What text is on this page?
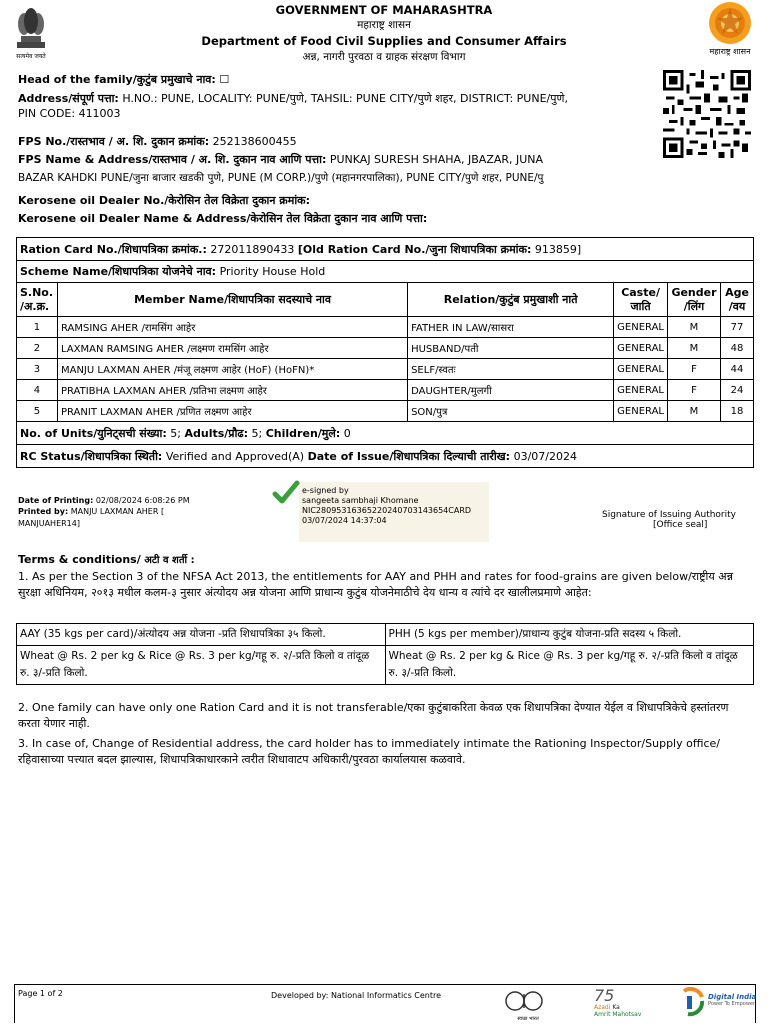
सत्यमेव जयते
GOVERNMENT OF MAHARASHTRA
महाराष्ट्र शासन
Department of Food Civil Supplies and Consumer Affairs
अन्न, नागरी पुरवठा व ग्राहक संरक्षण विभाग	महाराष्ट्र शासन
Head of the family/कुटुंब प्रमुखाचे नाव: ☐
Address/संपूर्ण पत्ता: H.NO.: PUNE, LOCALITY: PUNE/पुणे, TAHSIL: PUNE CITY/पुणे शहर, DISTRICT: PUNE/पुणे,
PIN CODE: 411003
FPS No./रास्तभाव / अ. शि. दुकान क्रमांक: 252138600455
FPS Name & Address/रास्तभाव / अ. शि. दुकान नाव आणि पत्ता: PUNKAJ SURESH SHAHA, JBAZAR, JUNA
BAZAR KAHDKI PUNE/जुना बाजार खडकी पुणे, PUNE (M CORP.)/पुणे (महानगरपालिका), PUNE CITY/पुणे शहर, PUNE/पु
Kerosene oil Dealer No./केरोसिन तेल विक्रेता दुकान क्रमांक:
Kerosene oil Dealer Name & Address/केरोसिन तेल विक्रेता दुकान नाव आणि पत्ता:
Ration Card No./शिधापत्रिका क्रमांक.: 272011890433 [Old Ration Card No./जुना शिधापत्रिका क्रमांक: 913859]					
Scheme Name/शिधापत्रिका योजनेचे नाव: Priority House Hold					
S.No. /अ.क्र.	Member Name/शिधापत्रिका सदस्याचे नाव	Relation/कुटुंब प्रमुखाशी नाते	Caste/ जाति	Gender /लिंग	Age /वय
1	RAMSING AHER /रामसिंग आहेर	FATHER IN LAW/सासरा	GENERAL	M	77
2	LAXMAN RAMSING AHER /लक्ष्मण रामसिंग आहेर	HUSBAND/पती	GENERAL	M	48
3	MANJU LAXMAN AHER /मंजू लक्ष्मण आहेर (HoF) (HoFN)*	SELF/स्वतः	GENERAL	F	44
4	PRATIBHA LAXMAN AHER /प्रतिभा लक्ष्मण आहेर	DAUGHTER/मुलगी	GENERAL	F	24
5	PRANIT LAXMAN AHER /प्रणित लक्ष्मण आहेर	SON/पुत्र	GENERAL	M	18
No. of Units/युनिट्सची संख्या: 5; Adults/प्रौढ: 5; Children/मुले: 0					
RC Status/शिधापत्रिका स्थिती: Verified and Approved(A) Date of Issue/शिधापत्रिका दिल्याची तारीख: 03/07/2024					
Date of Printing: 02/08/2024 6:08:26 PM
Printed by: MANJU LAXMAN AHER [
MANJUAHER14]
e-signed by
sangeeta sambhaji Khomane
NIC28095316365220240703143654CARD
03/07/2024 14:37:04
Signature of Issuing Authority
[Office seal]
Terms & conditions/ अटी व शर्ती :
1. As per the Section 3 of the NFSA Act 2013, the entitlements for AAY and PHH and rates for food-grains are given below/राष्ट्रीय अन्न सुरक्षा अधिनियम, २०१३ मधील कलम-३ नुसार अंत्योदय अन्न योजना आणि प्राधान्य कुटुंब योजनेमाठीचे देय धान्य व त्यांचे दर खालीलप्रमाणे आहेत:
AAY (35 kgs per card)/अंत्योदय अन्न योजना -प्रति शिधापत्रिका ३५ किलो.	PHH (5 kgs per member)/प्राधान्य कुटुंब योजना-प्रति सदस्य ५ किलो.
Wheat @ Rs. 2 per kg & Rice @ Rs. 3 per kg/गहू रु. २/-प्रति किलो व तांदूळ रु. ३/-प्रति किलो.	Wheat @ Rs. 2 per kg & Rice @ Rs. 3 per kg/गहू रु. २/-प्रति किलो व तांदूळ रु. ३/-प्रति किलो.
2. One family can have only one Ration Card and it is not transferable/एका कुटुंबाकरिता केवळ एक शिधापत्रिका देण्यात येईल व शिधापत्रिकेचे हस्तांतरण करता येणार नाही.
3. In case of, Change of Residential address, the card holder has to immediately intimate the Rationing Inspector/Supply office/रहिवासाच्या पत्त्यात बदल झाल्यास, शिधापत्रिकाधारकाने त्वरीत शिधावाटप अधिकारी/पुरवठा कार्यालयास कळवावे.
Page 1 of 2	Developed by: National Informatics Centre
स्वच्छ भारत
75
Azadi Ka
Amrit Mahotsav
Digital India
Power To Empower
